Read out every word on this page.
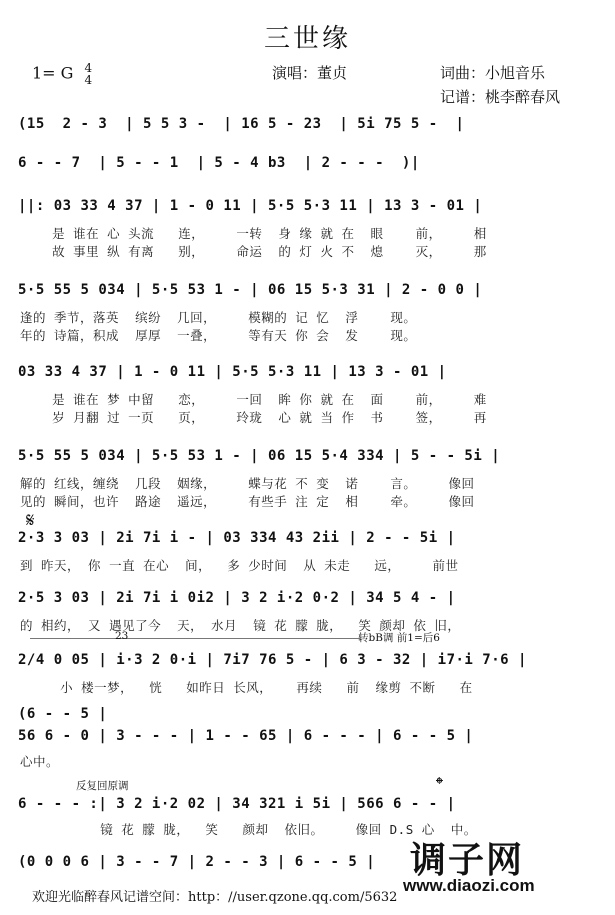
三世缘
1= G 4
4	演唱：董贞	词曲：小旭音乐
记谱：桃李醉春风
(15  2 - 3  | 5 5 3 -  | 16 5 - 23  | 5i 75 5 -  |
6 - - 7  | 5 - - 1  | 5 - 4 b3  | 2 - - -  )|
||: 03 33 4 37 | 1 - 0 11 | 5·5 5·3 11 | 13 3 - 01 |
是 谁在 心 头流   连，    一转  身 缘 就 在  眼    前，    相
故 事里 纵 有离   别，    命运  的 灯 火 不  熄    灭，    那
5·5 55 5 034 | 5·5 53 1 - | 06 15 5·3 31 | 2 - 0 0 |
逢的 季节，落英  缤纷  几回，    模糊的 记 忆  浮    现。
年的 诗篇，积成  厚厚  一叠，    等有天 你 会  发    现。
03 33 4 37 | 1 - 0 11 | 5·5 5·3 11 | 13 3 - 01 |
是 谁在 梦 中留   恋，    一回  眸 你 就 在  面    前，    难
岁 月翻 过 一页   页，    玲珑  心 就 当 作  书    签，    再
5·5 55 5 034 | 5·5 53 1 - | 06 15 5·4 334 | 5 - - 5i |
解的 红线，缠绕  几段  姻缘，    蝶与花 不 变  诺    言。    像回
见的 瞬间，也许  路途  遥远，    有些手 注 定  相    牵。    像回
𝄋
2·3 3 03 | 2i 7i i - | 03 334 43 2ii | 2 - - 5i |
到 昨天， 你 一直 在心  间，  多 少时间  从 未走   远，    前世
2·5 3 03 | 2i 7i i 0i2 | 3 2 i·2 0·2 | 34 5 4 - |
的 相约， 又 遇见了今  天， 水月  镜 花 朦 胧，  笑 颜却 依 旧，
23	转bB调 前1=后6
2/4 0 05 | i·3 2 0·i | 7i7 76 5 - | 6 3 - 32 | i7·i 7·6 |
小 楼一梦，  恍   如昨日 长风，   再续   前  缘剪 不断   在
(6 - - 5 |
56 6 - 0 | 3 - - - | 1 - - 65 | 6 - - - | 6 - - 5 |
心中。
反复回原调	𝄌
6 - - - :| 3 2 i·2 02 | 34 321 i 5i | 566 6 - - |
镜 花 朦 胧，  笑   颜却  依旧。    像回 D.S 心  中。
(0 0 0 6 | 3 - - 7 | 2 - - 3 | 6 - - 5 | 调子网
www.diaozi.com
欢迎光临醉春风记谱空间：http：//user.qzone.qq.com/5632
